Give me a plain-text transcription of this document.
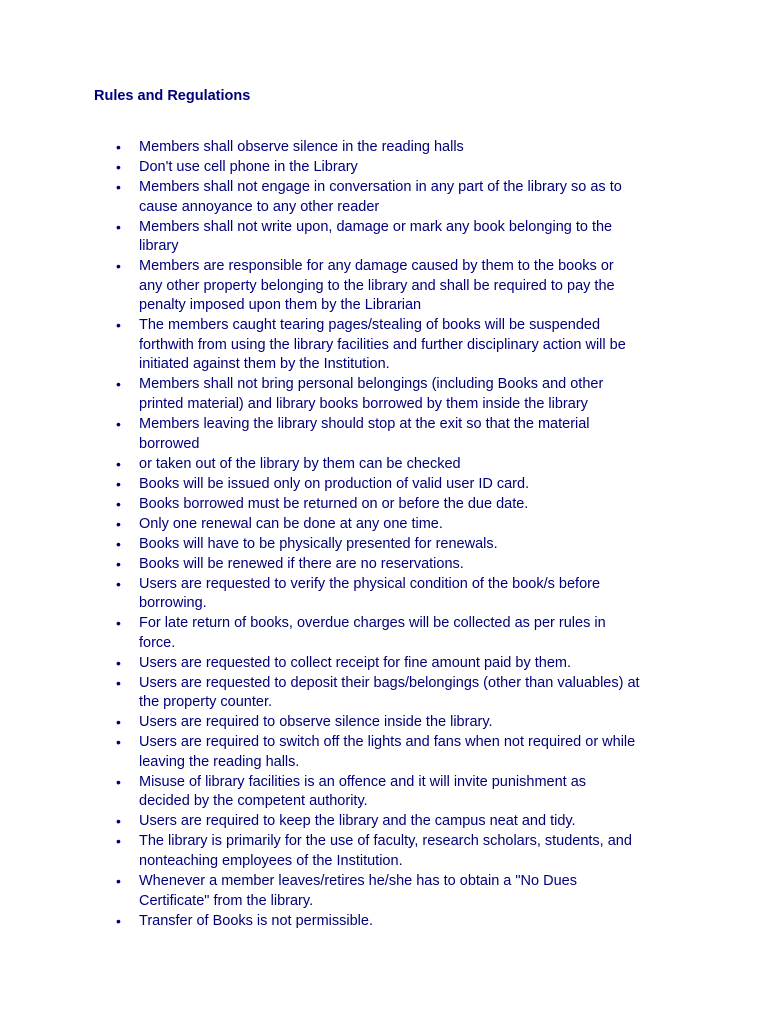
Rules and Regulations
• Members shall observe silence in the reading halls
• Don't use cell phone in the Library
• Members shall not engage in conversation in any part of the library so as to
cause annoyance to any other reader
• Members shall not write upon, damage or mark any book belonging to the
library
• Members are responsible for any damage caused by them to the books or
any other property belonging to the library and shall be required to pay the
penalty imposed upon them by the Librarian
• The members caught tearing pages/stealing of books will be suspended
forthwith from using the library facilities and further disciplinary action will be
initiated against them by the Institution.
• Members shall not bring personal belongings (including Books and other
printed material) and library books borrowed by them inside the library
• Members leaving the library should stop at the exit so that the material
borrowed
• or taken out of the library by them can be checked
• Books will be issued only on production of valid user ID card.
• Books borrowed must be returned on or before the due date.
• Only one renewal can be done at any one time.
• Books will have to be physically presented for renewals.
• Books will be renewed if there are no reservations.
• Users are requested to verify the physical condition of the book/s before
borrowing.
• For late return of books, overdue charges will be collected as per rules in
force.
• Users are requested to collect receipt for fine amount paid by them.
• Users are requested to deposit their bags/belongings (other than valuables) at
the property counter.
• Users are required to observe silence inside the library.
• Users are required to switch off the lights and fans when not required or while
leaving the reading halls.
• Misuse of library facilities is an offence and it will invite punishment as
decided by the competent authority.
• Users are required to keep the library and the campus neat and tidy.
• The library is primarily for the use of faculty, research scholars, students, and
nonteaching employees of the Institution.
• Whenever a member leaves/retires he/she has to obtain a "No Dues
Certificate" from the library.
• Transfer of Books is not permissible.
